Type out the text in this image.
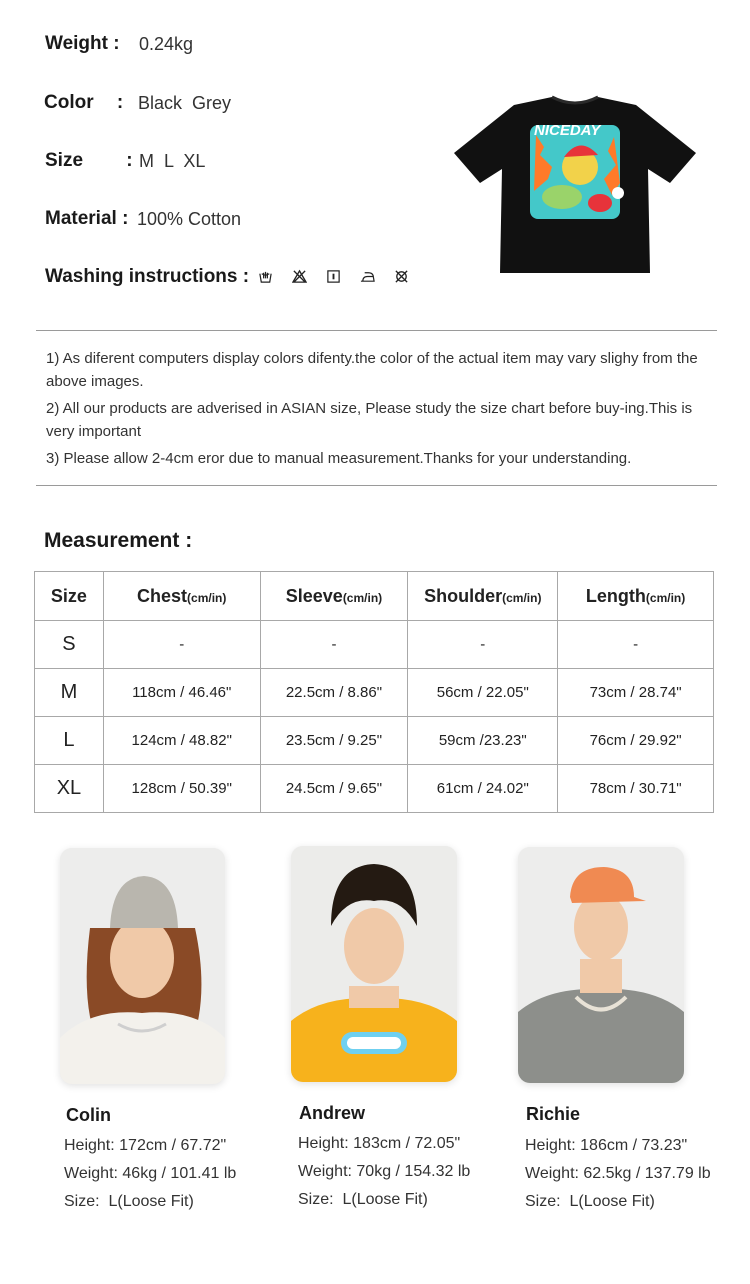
Weight : 0.24kg
Color : Black  Grey
Size : M  L  XL
Material : 100% Cotton
Washing instructions :
NICEDAY
1) As diferent computers display colors difenty.the color of the actual item may vary slighy from the above images.
2) All our products are adverised in ASIAN size, Please study the size chart before buy-ing.This is very important
3) Please allow 2-4cm eror due to manual measurement.Thanks for your understanding.
Measurement :
Size	Chest(cm/in)	Sleeve(cm/in)	Shoulder(cm/in)	Length(cm/in)
S	-	-	-	-
M	118cm / 46.46"	22.5cm / 8.86"	56cm / 22.05"	73cm / 28.74"
L	124cm / 48.82"	23.5cm / 9.25"	59cm /23.23"	76cm / 29.92"
XL	128cm / 50.39"	24.5cm / 9.65"	61cm / 24.02"	78cm / 30.71"
Colin
Height: 172cm / 67.72"
Weight: 46kg / 101.41 lb
Size:  L(Loose Fit)
Andrew
Height: 183cm / 72.05"
Weight: 70kg / 154.32 lb
Size:  L(Loose Fit)
Richie
Height: 186cm / 73.23"
Weight: 62.5kg / 137.79 lb
Size:  L(Loose Fit)
